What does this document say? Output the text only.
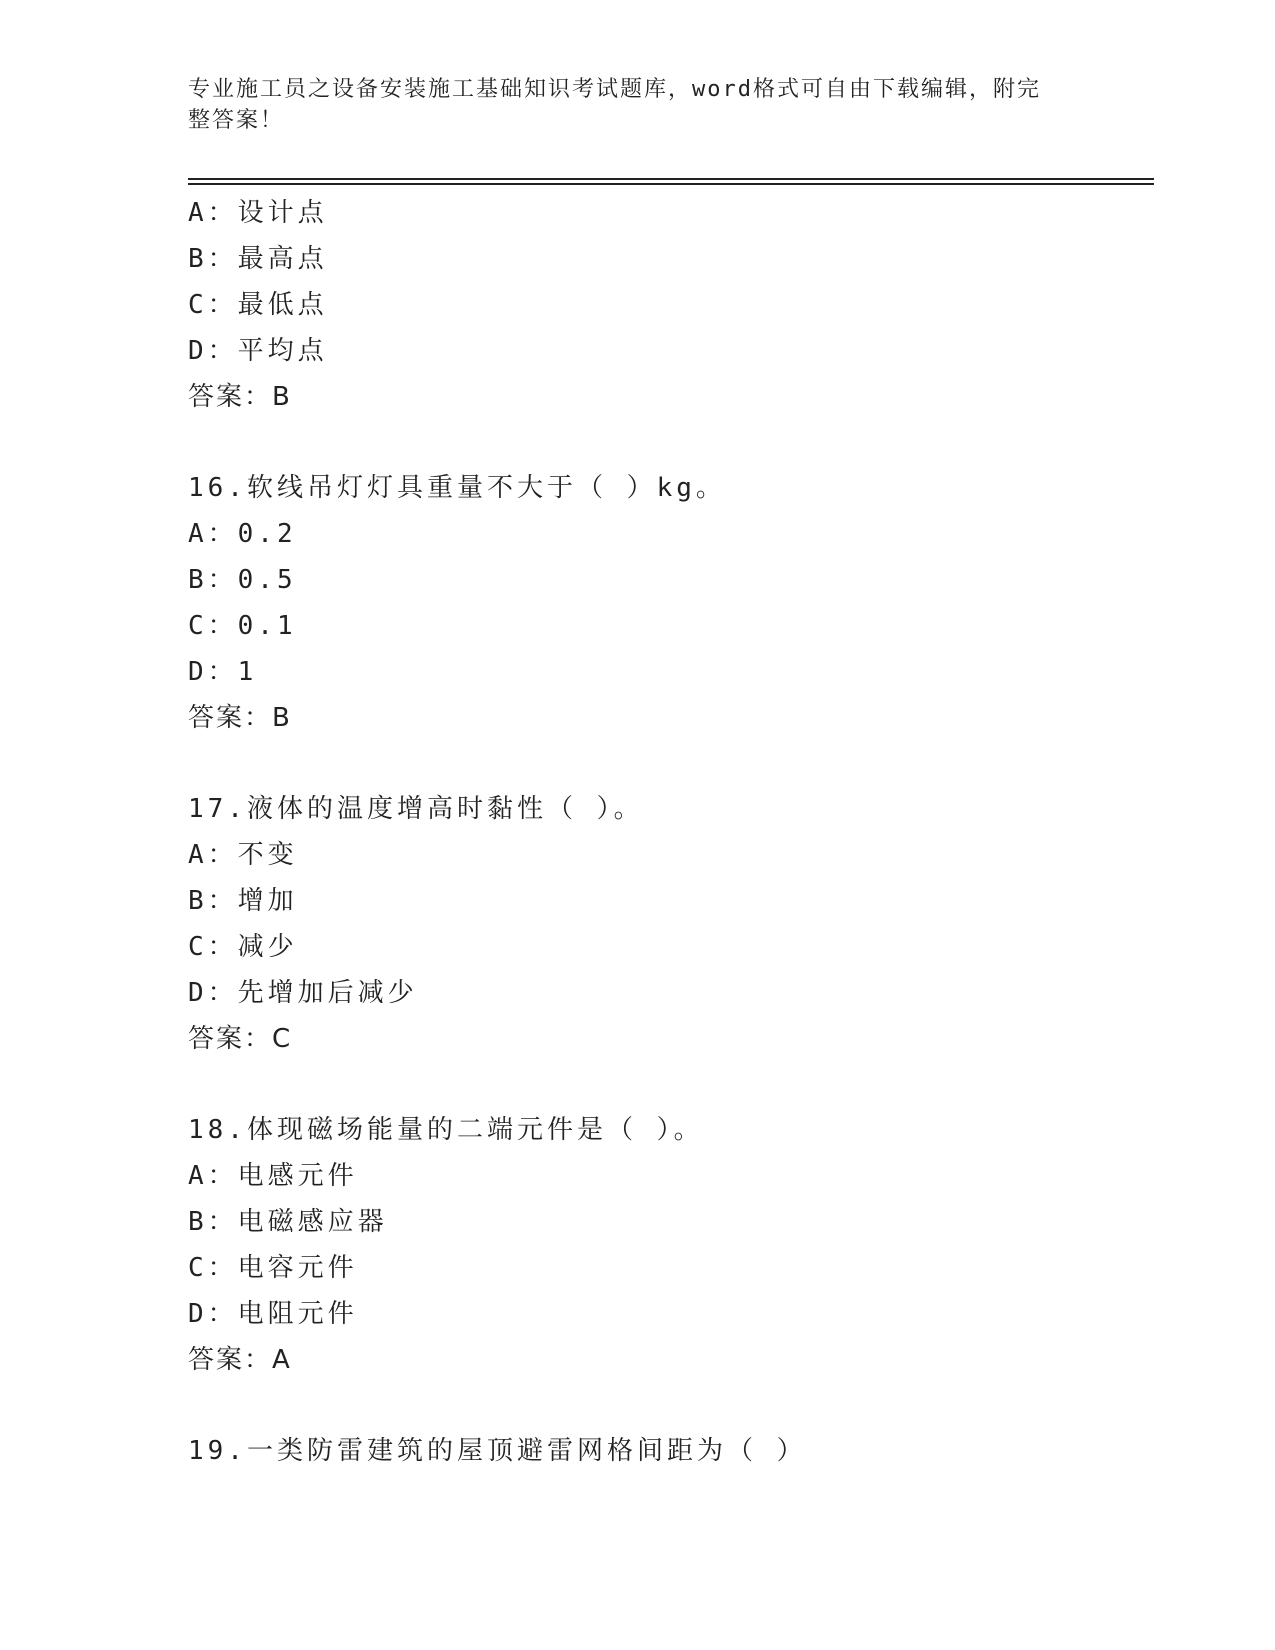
专业施工员之设备安装施工基础知识考试题库，word格式可自由下载编辑，附完
整答案！
A：设计点
B：最高点
C：最低点
D：平均点
答案：B
16.软线吊灯灯具重量不大于（ ）kg。
A：0.2
B：0.5
C：0.1
D：1
答案：B
17.液体的温度增高时黏性（ ）。
A：不变
B：增加
C：减少
D：先增加后减少
答案：C
18.体现磁场能量的二端元件是（ ）。
A：电感元件
B：电磁感应器
C：电容元件
D：电阻元件
答案：A
19.一类防雷建筑的屋顶避雷网格间距为（ ）
